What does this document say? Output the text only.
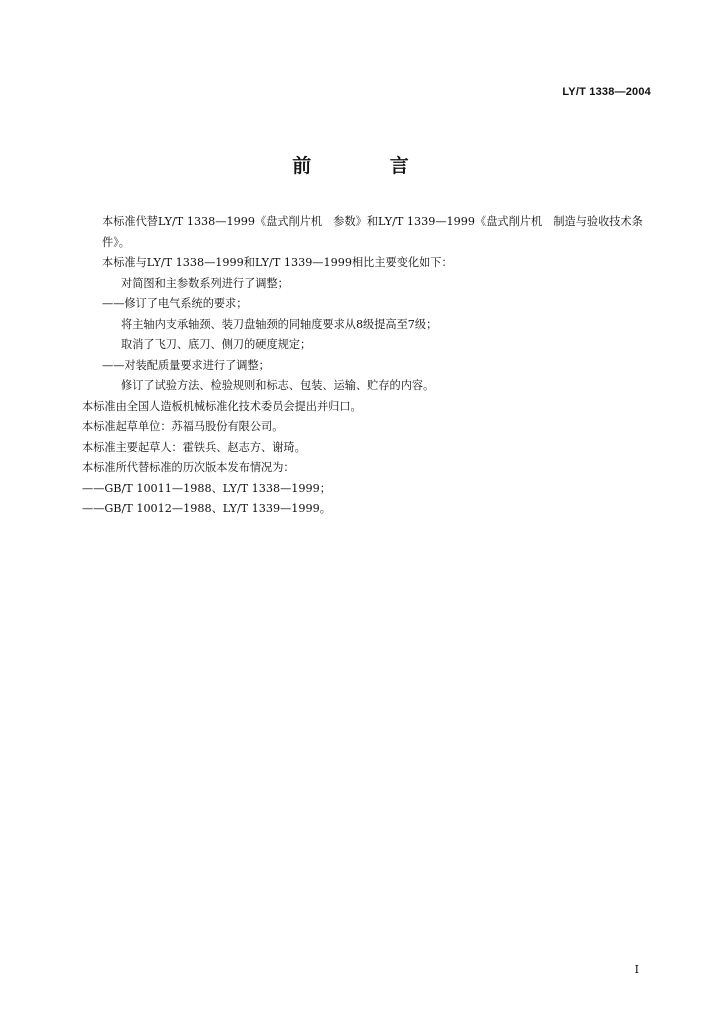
LY/T 1338—2004
前 言

本标准代替LY/T 1338—1999《盘式削片机　参数》和LY/T 1339—1999《盘式削片机　制造与验收技术条件》。

本标准与LY/T 1338—1999和LY/T 1339—1999相比主要变化如下：

对简图和主参数系列进行了调整；

——修订了电气系统的要求；

将主轴内支承轴颈、装刀盘轴颈的同轴度要求从8级提高至7级；

取消了飞刀、底刀、侧刀的硬度规定；

——对装配质量要求进行了调整；

修订了试验方法、检验规则和标志、包装、运输、贮存的内容。

本标准由全国人造板机械标准化技术委员会提出并归口。

本标准起草单位：苏福马股份有限公司。

本标准主要起草人：霍铁兵、赵志方、谢琦。

本标准所代替标准的历次版本发布情况为：

——GB/T 10011—1988、LY/T 1338—1999；

——GB/T 10012—1988、LY/T 1339—1999。

I
